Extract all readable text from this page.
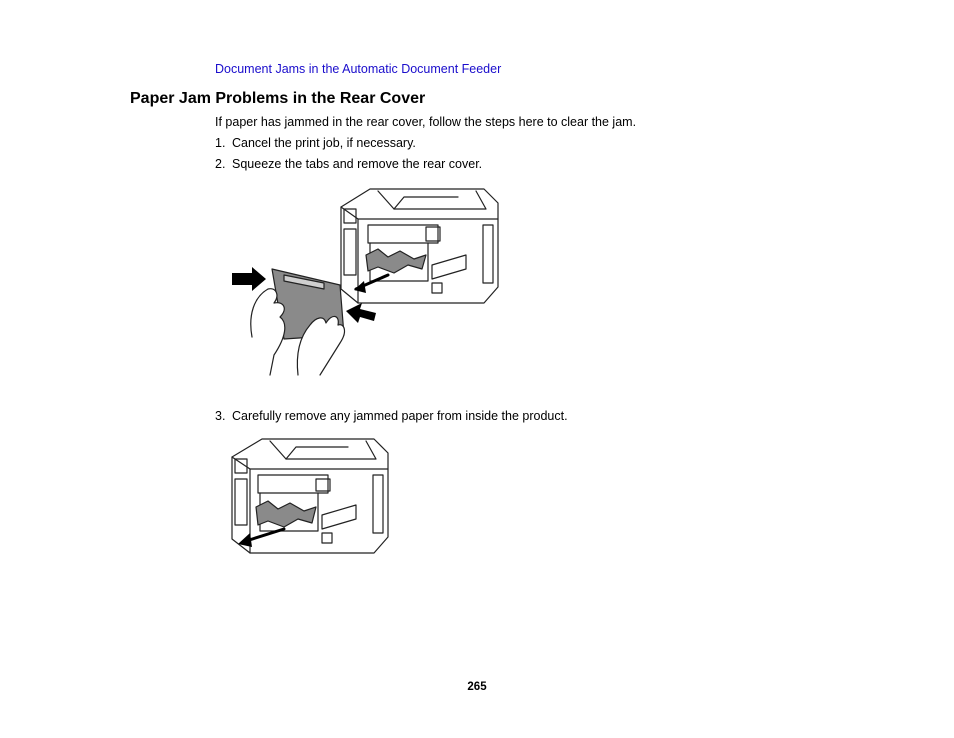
Document Jams in the Automatic Document Feeder
Paper Jam Problems in the Rear Cover

If paper has jammed in the rear cover, follow the steps here to clear the jam.

1. Cancel the print job, if necessary.

2. Squeeze the tabs and remove the rear cover.

3. Carefully remove any jammed paper from inside the product.

265
